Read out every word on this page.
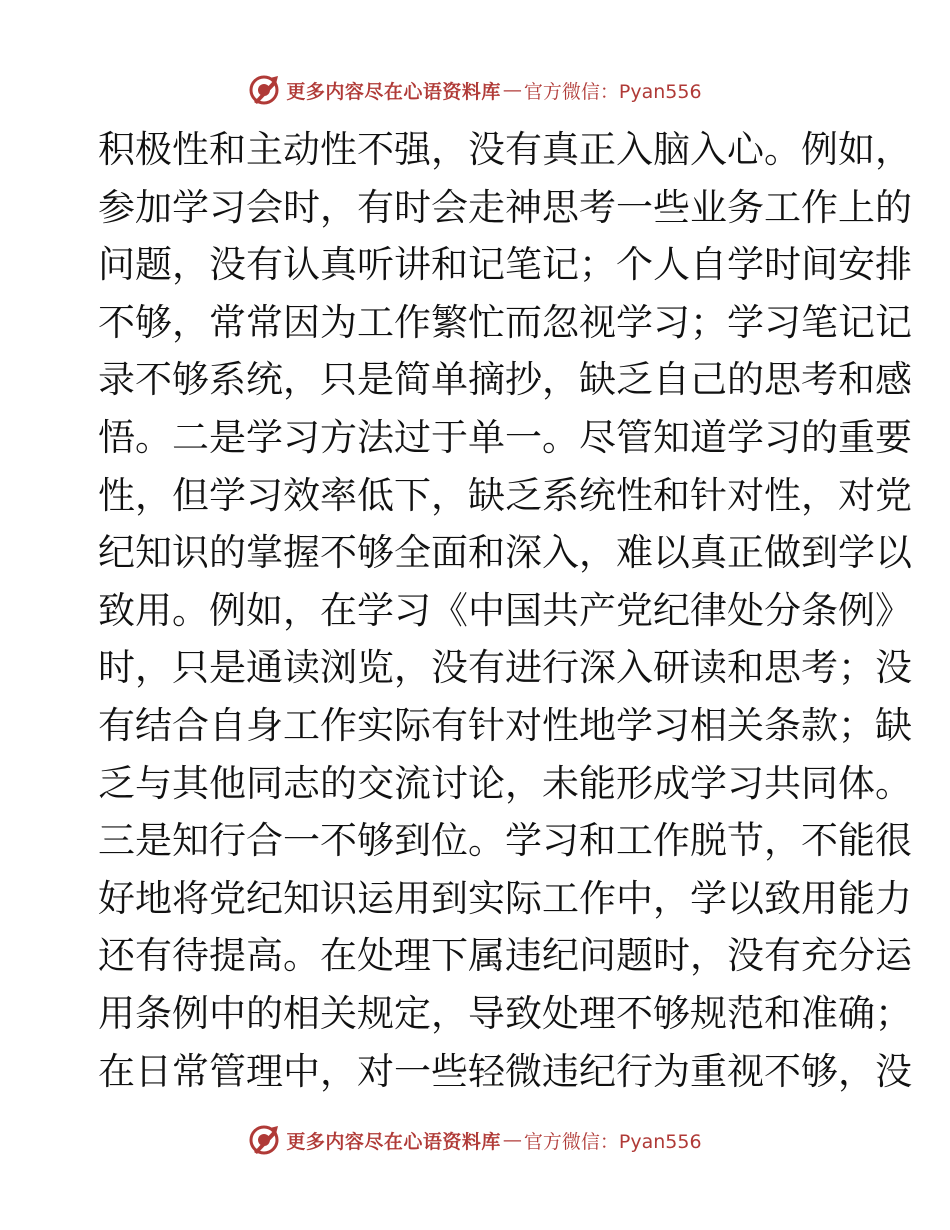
更多内容尽在心语资料库 — 官方微信：Pyan556
积极性和主动性不强，没有真正入脑入心。例如，
参加学习会时，有时会走神思考一些业务工作上的
问题，没有认真听讲和记笔记；个人自学时间安排
不够，常常因为工作繁忙而忽视学习；学习笔记记
录不够系统，只是简单摘抄，缺乏自己的思考和感
悟。二是学习方法过于单一。尽管知道学习的重要
性，但学习效率低下，缺乏系统性和针对性，对党
纪知识的掌握不够全面和深入，难以真正做到学以
致用。例如，在学习《中国共产党纪律处分条例》
时，只是通读浏览，没有进行深入研读和思考；没
有结合自身工作实际有针对性地学习相关条款；缺
乏与其他同志的交流讨论，未能形成学习共同体。
三是知行合一不够到位。学习和工作脱节，不能很
好地将党纪知识运用到实际工作中，学以致用能力
还有待提高。在处理下属违纪问题时，没有充分运
用条例中的相关规定，导致处理不够规范和准确；
在日常管理中，对一些轻微违纪行为重视不够，没
更多内容尽在心语资料库 — 官方微信：Pyan556
